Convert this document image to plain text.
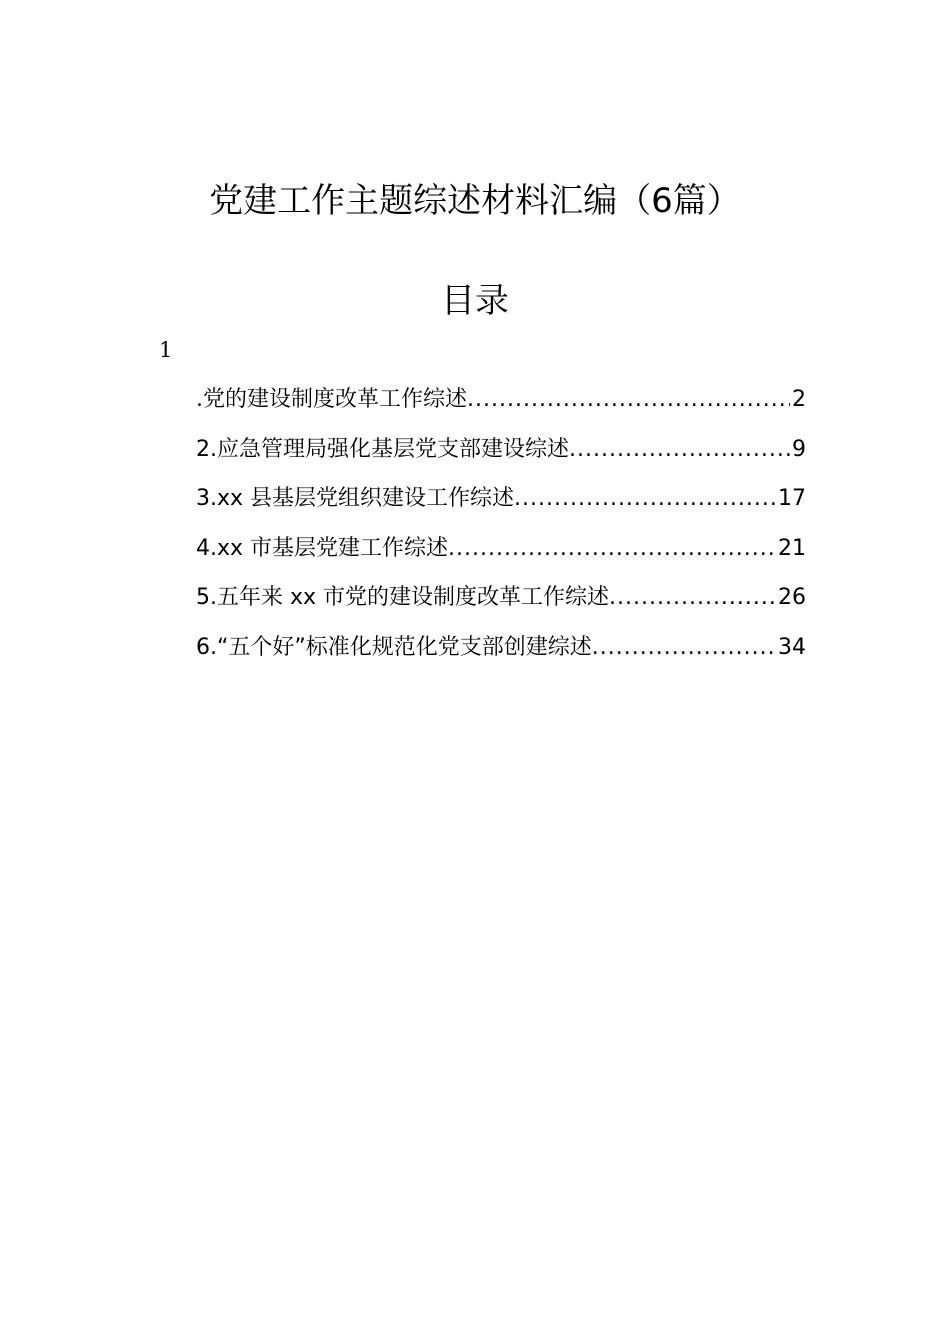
党建工作主题综述材料汇编（6篇）
目录
1
.党的建设制度改革工作综述 .....	2
2.应急管理局强化基层党支部建设综述 .....	9
3.xx 县基层党组织建设工作综述 .....	17
4.xx 市基层党建工作综述 .....	21
5.五年来 xx 市党的建设制度改革工作综述 .....	26
6.“五个好”标准化规范化党支部创建综述 .....	34
